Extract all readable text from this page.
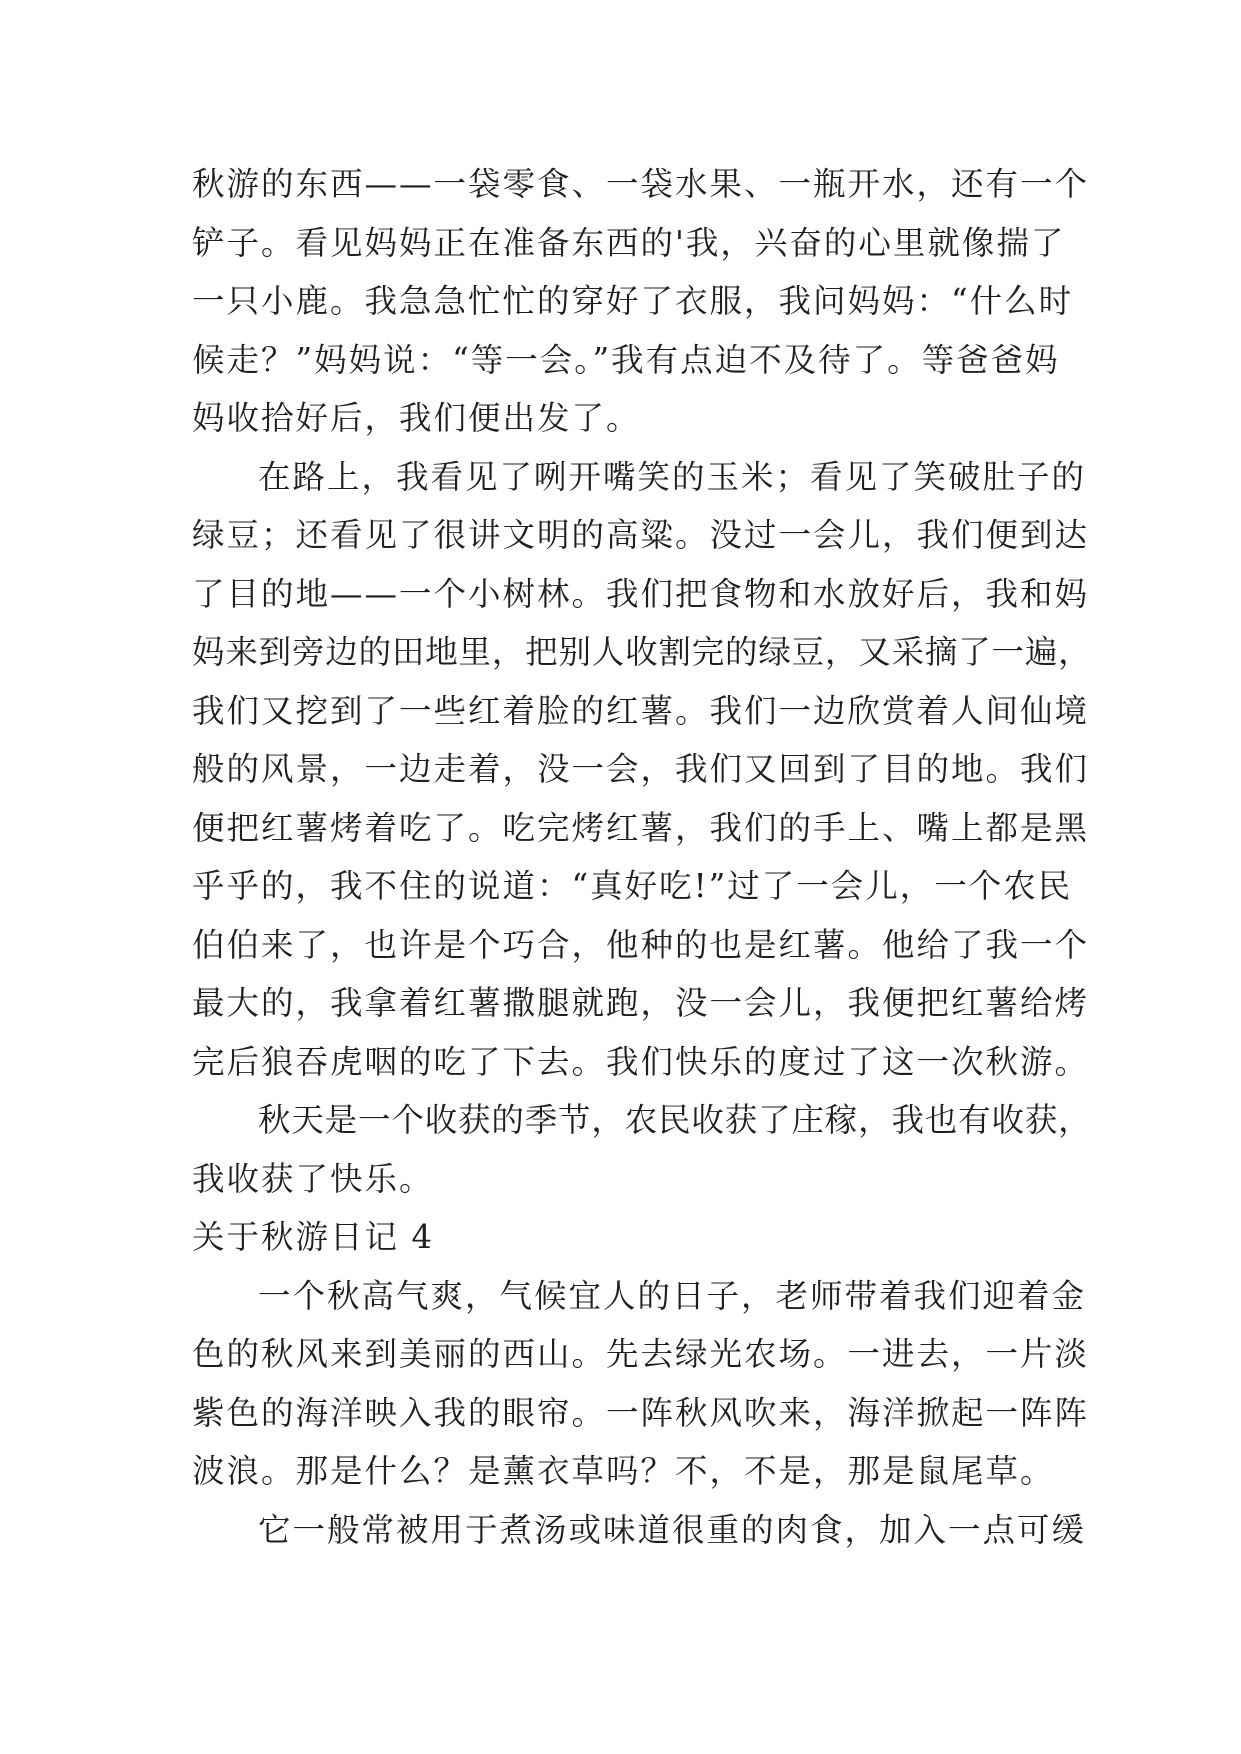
秋游的东西——一袋零食、一袋水果、一瓶开水，还有一个
铲子。看见妈妈正在准备东西的'我，兴奋的心里就像揣了
一只小鹿。我急急忙忙的穿好了衣服，我问妈妈：“什么时
候走？”妈妈说：“等一会。”我有点迫不及待了。等爸爸妈
妈收拾好后，我们便出发了。
在路上，我看见了咧开嘴笑的玉米；看见了笑破肚子的
绿豆；还看见了很讲文明的高粱。没过一会儿，我们便到达
了目的地——一个小树林。我们把食物和水放好后，我和妈
妈来到旁边的田地里，把别人收割完的绿豆，又采摘了一遍，
我们又挖到了一些红着脸的红薯。我们一边欣赏着人间仙境
般的风景，一边走着，没一会，我们又回到了目的地。我们
便把红薯烤着吃了。吃完烤红薯，我们的手上、嘴上都是黑
乎乎的，我不住的说道：“真好吃!”过了一会儿，一个农民
伯伯来了，也许是个巧合，他种的也是红薯。他给了我一个
最大的，我拿着红薯撒腿就跑，没一会儿，我便把红薯给烤
完后狼吞虎咽的吃了下去。我们快乐的度过了这一次秋游。
秋天是一个收获的季节，农民收获了庄稼，我也有收获，
我收获了快乐。
关于秋游日记 4
一个秋高气爽，气候宜人的日子，老师带着我们迎着金
色的秋风来到美丽的西山。先去绿光农场。一进去，一片淡
紫色的海洋映入我的眼帘。一阵秋风吹来，海洋掀起一阵阵
波浪。那是什么？是薰衣草吗？不，不是，那是鼠尾草。
它一般常被用于煮汤或味道很重的肉食，加入一点可缓
